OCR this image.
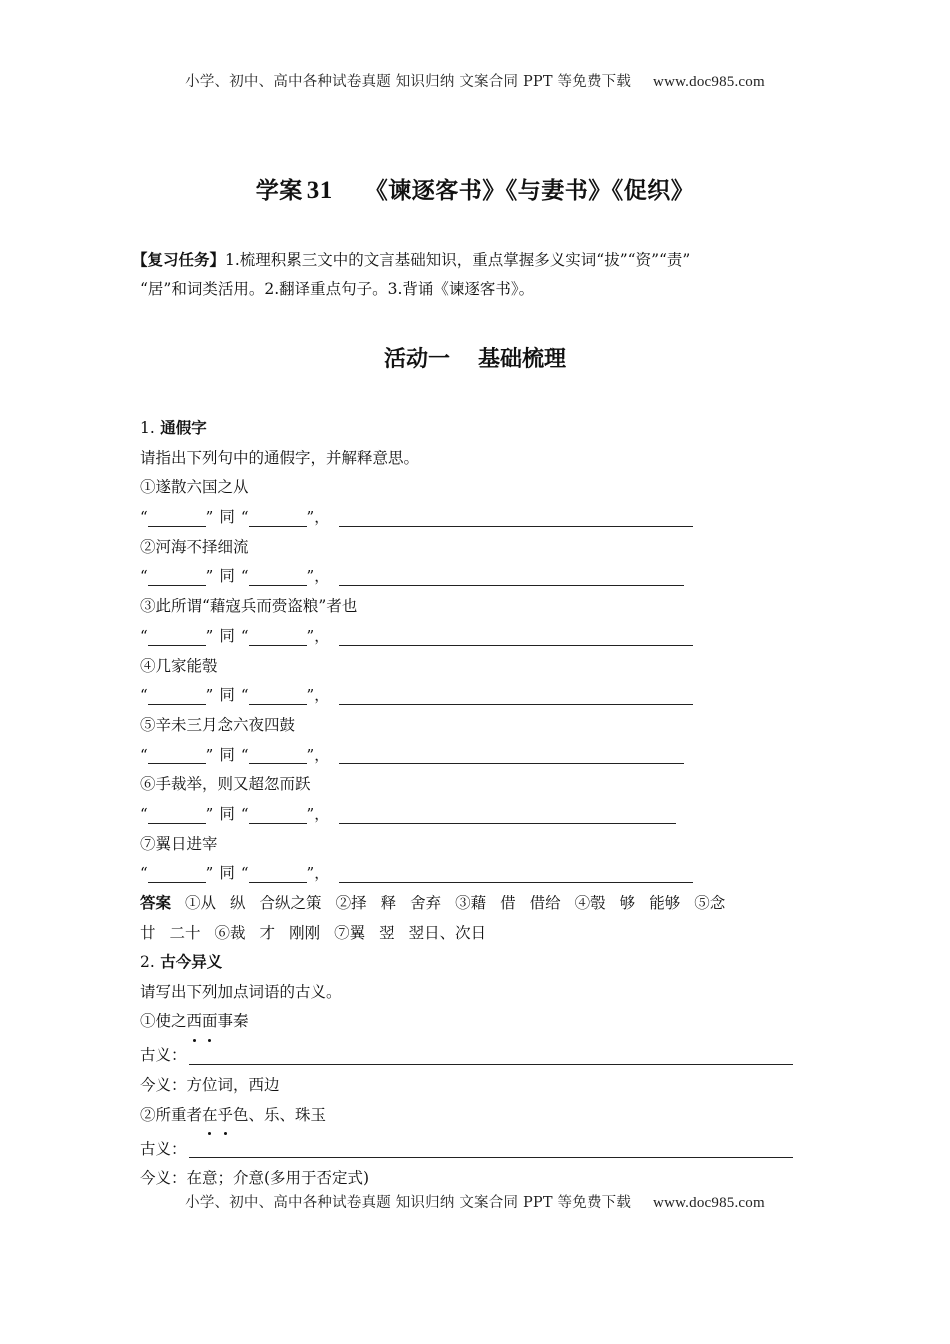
小学、初中、高中各种试卷真题 知识归纳 文案合同 PPT 等免费下载 www.doc985.com
学案 31 《谏逐客书》《与妻书》《促织》
【复习任务】1.梳理积累三文中的文言基础知识，重点掌握多义实词“拔”“资”“责”
“居”和词类活用。2.翻译重点句子。3.背诵《谏逐客书》。
活动一 基础梳理
1. 通假字
请指出下列句中的通假字，并解释意思。
①遂散六国之从
“	” 同 “	” ，
②河海不择细流
“	” 同 “	” ，
③此所谓“藉寇兵而赍盗粮”者也
“	” 同 “	” ，
④几家能彀
“	” 同 “	” ，
⑤辛未三月念六夜四鼓
“	” 同 “	” ，
⑥手裁举，则又超忽而跃
“	” 同 “	” ，
⑦翼日进宰
“	” 同 “	” ，
答案 ①从 纵 合纵之策 ②择 释 舍弃 ③藉 借 借给 ④彀 够 能够 ⑤念
廿 二十 ⑥裁 才 刚刚 ⑦翼 翌 翌日、次日
2. 古今异义
请写出下列加点词语的古义。
①使之西面事秦
古义：
今义：方位词，西边
②所重者在乎色、乐、珠玉
古义：
今义：在意；介意(多用于否定式)
小学、初中、高中各种试卷真题 知识归纳 文案合同 PPT 等免费下载 www.doc985.com
